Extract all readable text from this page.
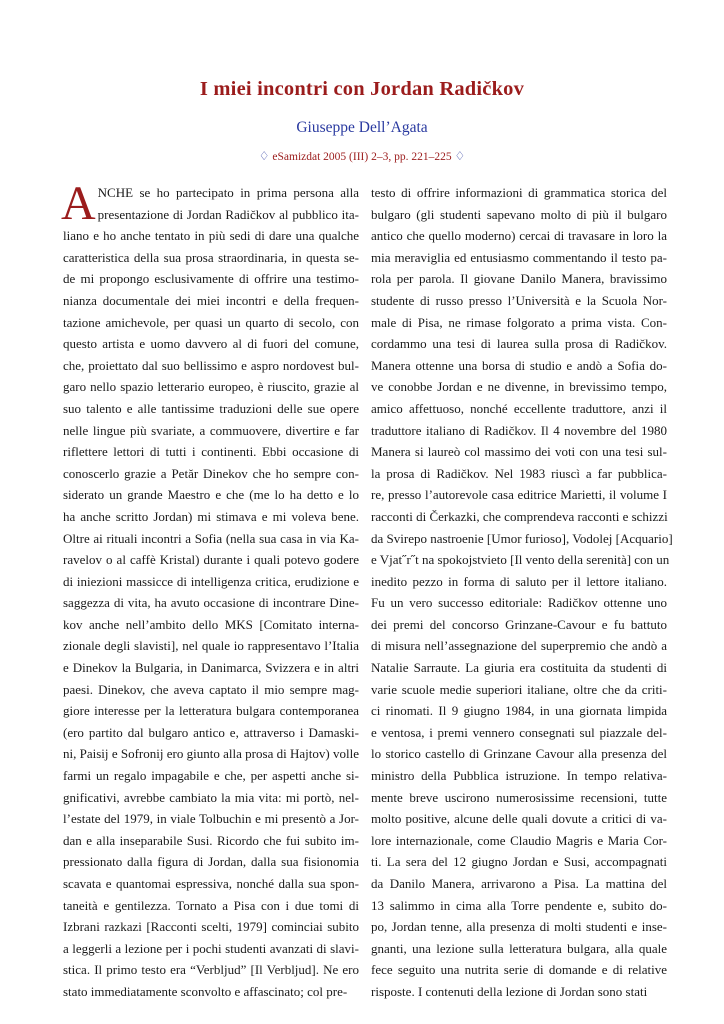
I miei incontri con Jordan Radičkov
Giuseppe Dell’Agata
♢ eSamizdat 2005 (III) 2–3, pp. 221–225 ♢
A NCHE se ho partecipato in prima persona alla
presentazione di Jordan Radičkov al pubblico ita-
liano e ho anche tentato in più sedi di dare una qualche
caratteristica della sua prosa straordinaria, in questa se-
de mi propongo esclusivamente di offrire una testimo-
nianza documentale dei miei incontri e della frequen-
tazione amichevole, per quasi un quarto di secolo, con
questo artista e uomo davvero al di fuori del comune,
che, proiettato dal suo bellissimo e aspro nordovest bul-
garo nello spazio letterario europeo, è riuscito, grazie al
suo talento e alle tantissime traduzioni delle sue opere
nelle lingue più svariate, a commuovere, divertire e far
riflettere lettori di tutti i continenti. Ebbi occasione di
conoscerlo grazie a Petăr Dinekov che ho sempre con-
siderato un grande Maestro e che (me lo ha detto e lo
ha anche scritto Jordan) mi stimava e mi voleva bene.
Oltre ai rituali incontri a Sofia (nella sua casa in via Ka-
ravelov o al caffè Kristal) durante i quali potevo godere
di iniezioni massicce di intelligenza critica, erudizione e
saggezza di vita, ha avuto occasione di incontrare Dine-
kov anche nell’ambito dello MKS [Comitato interna-
zionale degli slavisti], nel quale io rappresentavo l’Italia
e Dinekov la Bulgaria, in Danimarca, Svizzera e in altri
paesi. Dinekov, che aveva captato il mio sempre mag-
giore interesse per la letteratura bulgara contemporanea
(ero partito dal bulgaro antico e, attraverso i Damaski-
ni, Paisij e Sofronij ero giunto alla prosa di Hajtov) volle
farmi un regalo impagabile e che, per aspetti anche si-
gnificativi, avrebbe cambiato la mia vita: mi portò, nel-
l’estate del 1979, in viale Tolbuchin e mi presentò a Jor-
dan e alla inseparabile Susi. Ricordo che fui subito im-
pressionato dalla figura di Jordan, dalla sua fisionomia
scavata e quantomai espressiva, nonché dalla sua spon-
taneità e gentilezza. Tornato a Pisa con i due tomi di
Izbrani razkazi [Racconti scelti, 1979] cominciai subito
a leggerli a lezione per i pochi studenti avanzati di slavi-
stica. Il primo testo era “Verbljud” [Il Verbljud]. Ne ero
stato immediatamente sconvolto e affascinato; col pre-
testo di offrire informazioni di grammatica storica del
bulgaro (gli studenti sapevano molto di più il bulgaro
antico che quello moderno) cercai di travasare in loro la
mia meraviglia ed entusiasmo commentando il testo pa-
rola per parola. Il giovane Danilo Manera, bravissimo
studente di russo presso l’Università e la Scuola Nor-
male di Pisa, ne rimase folgorato a prima vista. Con-
cordammo una tesi di laurea sulla prosa di Radičkov.
Manera ottenne una borsa di studio e andò a Sofia do-
ve conobbe Jordan e ne divenne, in brevissimo tempo,
amico affettuoso, nonché eccellente traduttore, anzi il
traduttore italiano di Radičkov. Il 4 novembre del 1980
Manera si laureò col massimo dei voti con una tesi sul-
la prosa di Radičkov. Nel 1983 riuscì a far pubblica-
re, presso l’autorevole casa editrice Marietti, il volume I
racconti di Čerkazki, che comprendeva racconti e schizzi
da Svirepo nastroenie [Umor furioso], Vodolej [Acquario]
e Vjat˝r˝t na spokojstvieto [Il vento della serenità] con un
inedito pezzo in forma di saluto per il lettore italiano.
Fu un vero successo editoriale: Radičkov ottenne uno
dei premi del concorso Grinzane-Cavour e fu battuto
di misura nell’assegnazione del superpremio che andò a
Natalie Sarraute. La giuria era costituita da studenti di
varie scuole medie superiori italiane, oltre che da criti-
ci rinomati. Il 9 giugno 1984, in una giornata limpida
e ventosa, i premi vennero consegnati sul piazzale del-
lo storico castello di Grinzane Cavour alla presenza del
ministro della Pubblica istruzione. In tempo relativa-
mente breve uscirono numerosissime recensioni, tutte
molto positive, alcune delle quali dovute a critici di va-
lore internazionale, come Claudio Magris e Maria Cor-
ti. La sera del 12 giugno Jordan e Susi, accompagnati
da Danilo Manera, arrivarono a Pisa. La mattina del
13 salimmo in cima alla Torre pendente e, subito do-
po, Jordan tenne, alla presenza di molti studenti e inse-
gnanti, una lezione sulla letteratura bulgara, alla quale
fece seguito una nutrita serie di domande e di relative
risposte. I contenuti della lezione di Jordan sono stati
